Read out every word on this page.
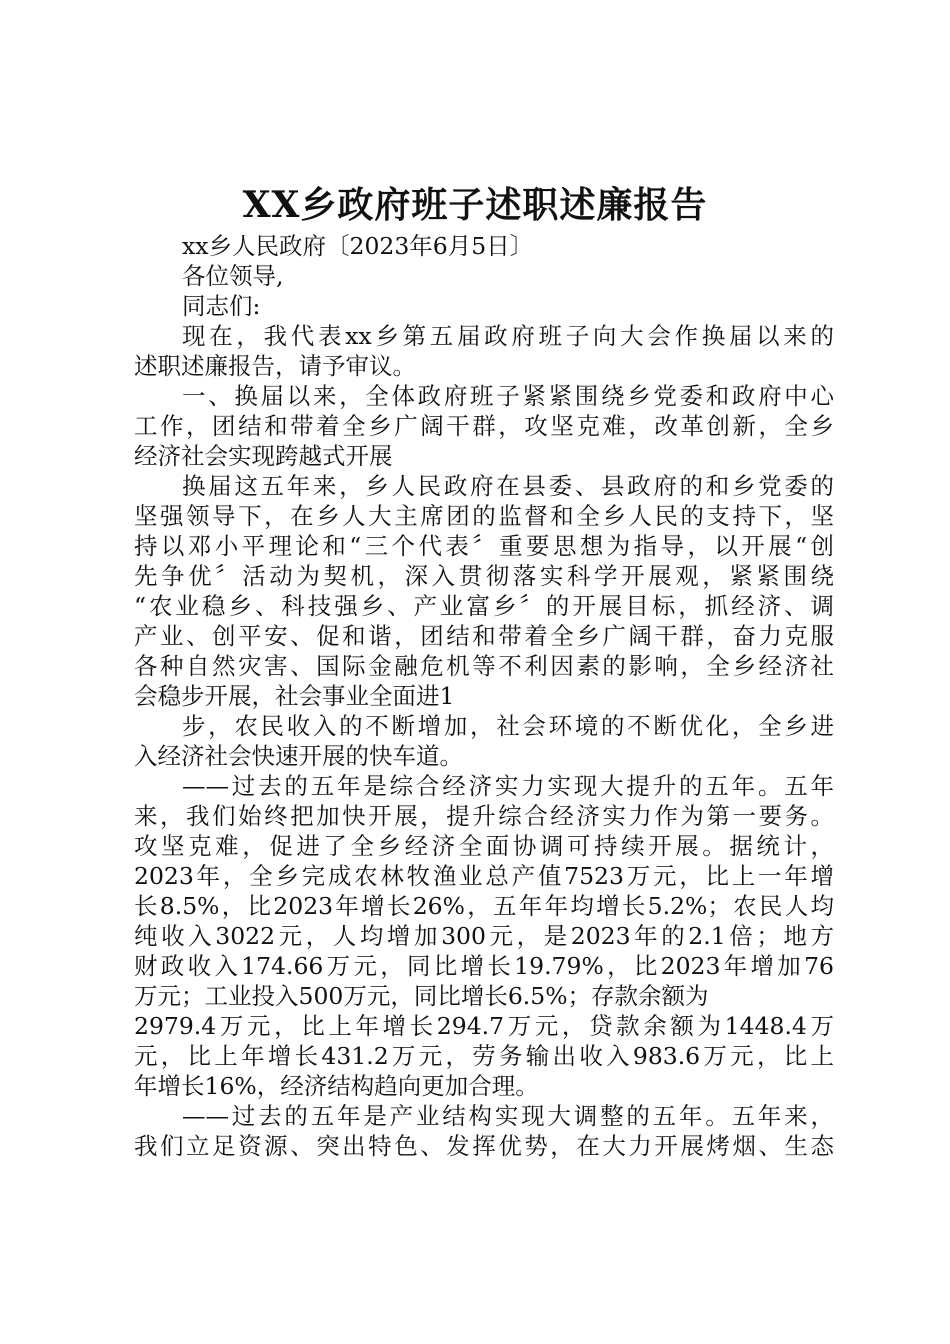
XX乡政府班子述职述廉报告
xx乡人民政府〔2023年6月5日〕
各位领导,
同志们:
现在，我代表xx乡第五届政府班子向大会作换届以来的
述职述廉报告，请予审议。
一、换届以来，全体政府班子紧紧围绕乡党委和政府中心
工作，团结和带着全乡广阔干群，攻坚克难，改革创新，全乡
经济社会实现跨越式开展
换届这五年来，乡人民政府在县委、县政府的和乡党委的
坚强领导下，在乡人大主席团的监督和全乡人民的支持下，坚
持以邓小平理论和“三个代表〞重要思想为指导，以开展“创
先争优〞活动为契机，深入贯彻落实科学开展观，紧紧围绕
“农业稳乡、科技强乡、产业富乡〞的开展目标，抓经济、调
产业、创平安、促和谐，团结和带着全乡广阔干群，奋力克服
各种自然灾害、国际金融危机等不利因素的影响，全乡经济社
会稳步开展，社会事业全面进1
步，农民收入的不断增加，社会环境的不断优化，全乡进
入经济社会快速开展的快车道。
——过去的五年是综合经济实力实现大提升的五年。五年
来，我们始终把加快开展，提升综合经济实力作为第一要务。
攻坚克难，促进了全乡经济全面协调可持续开展。据统计，
2023年，全乡完成农林牧渔业总产值7523万元，比上一年增
长8.5%，比2023年增长26%，五年年均增长5.2%；农民人均
纯收入3022元，人均增加300元，是2023年的2.1倍；地方
财政收入174.66万元，同比增长19.79%，比2023年增加76
万元；工业投入500万元，同比增长6.5%；存款余额为
2979.4万元，比上年增长294.7万元，贷款余额为1448.4万
元，比上年增长431.2万元，劳务输出收入983.6万元，比上
年增长16%，经济结构趋向更加合理。
——过去的五年是产业结构实现大调整的五年。五年来，
我们立足资源、突出特色、发挥优势，在大力开展烤烟、生态
